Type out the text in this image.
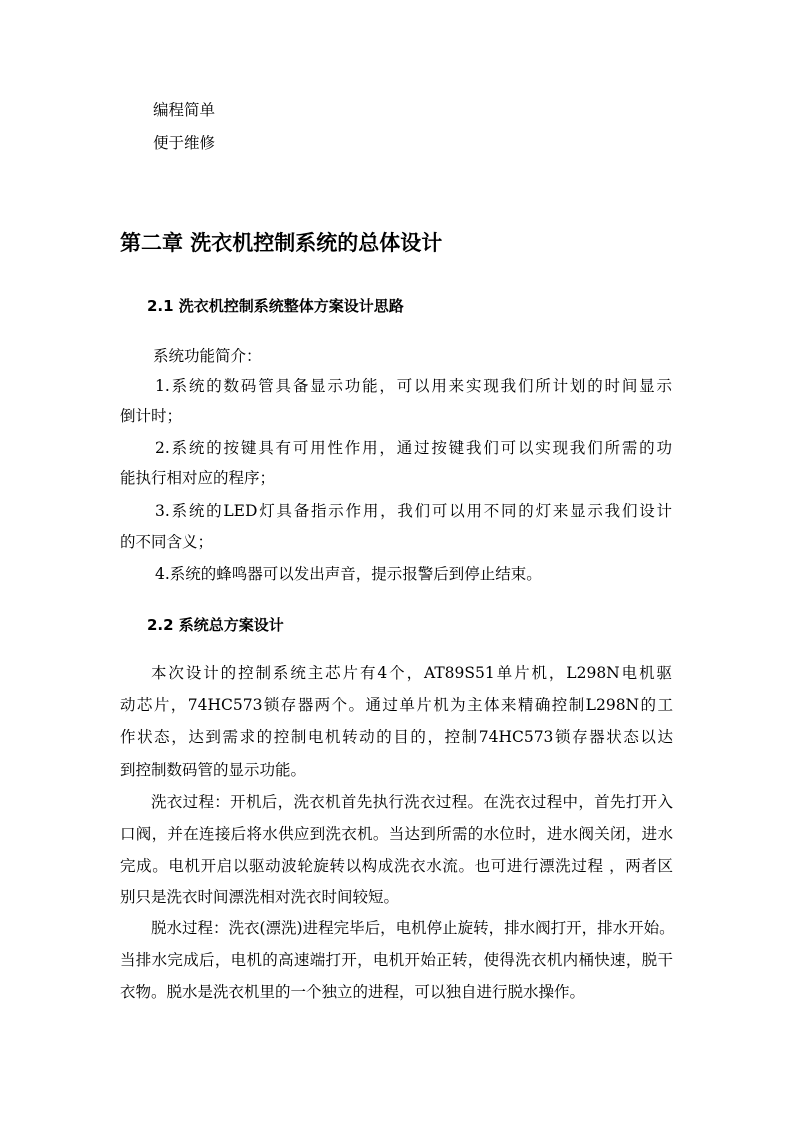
编程简单

便于维修

第二章 洗衣机控制系统的总体设计
2.1 洗衣机控制系统整体方案设计思路

系统功能简介：

1.系统的数码管具备显示功能，可以用来实现我们所计划的时间显示

倒计时；

2.系统的按键具有可用性作用，通过按键我们可以实现我们所需的功

能执行相对应的程序；

3.系统的LED灯具备指示作用，我们可以用不同的灯来显示我们设计

的不同含义；

4.系统的蜂鸣器可以发出声音，提示报警后到停止结束。

2.2 系统总方案设计

本次设计的控制系统主芯片有4个，AT89S51单片机，L298N电机驱

动芯片，74HC573锁存器两个。通过单片机为主体来精确控制L298N的工

作状态，达到需求的控制电机转动的目的，控制74HC573锁存器状态以达

到控制数码管的显示功能。

洗衣过程：开机后，洗衣机首先执行洗衣过程。在洗衣过程中，首先打开入

口阀，并在连接后将水供应到洗衣机。当达到所需的水位时，进水阀关闭，进水

完成。电机开启以驱动波轮旋转以构成洗衣水流。也可进行漂洗过程 ，两者区

别只是洗衣时间漂洗相对洗衣时间较短。

脱水过程：洗衣(漂洗)进程完毕后，电机停止旋转，排水阀打开，排水开始。

当排水完成后，电机的高速端打开，电机开始正转，使得洗衣机内桶快速，脱干

衣物。脱水是洗衣机里的一个独立的进程，可以独自进行脱水操作。
